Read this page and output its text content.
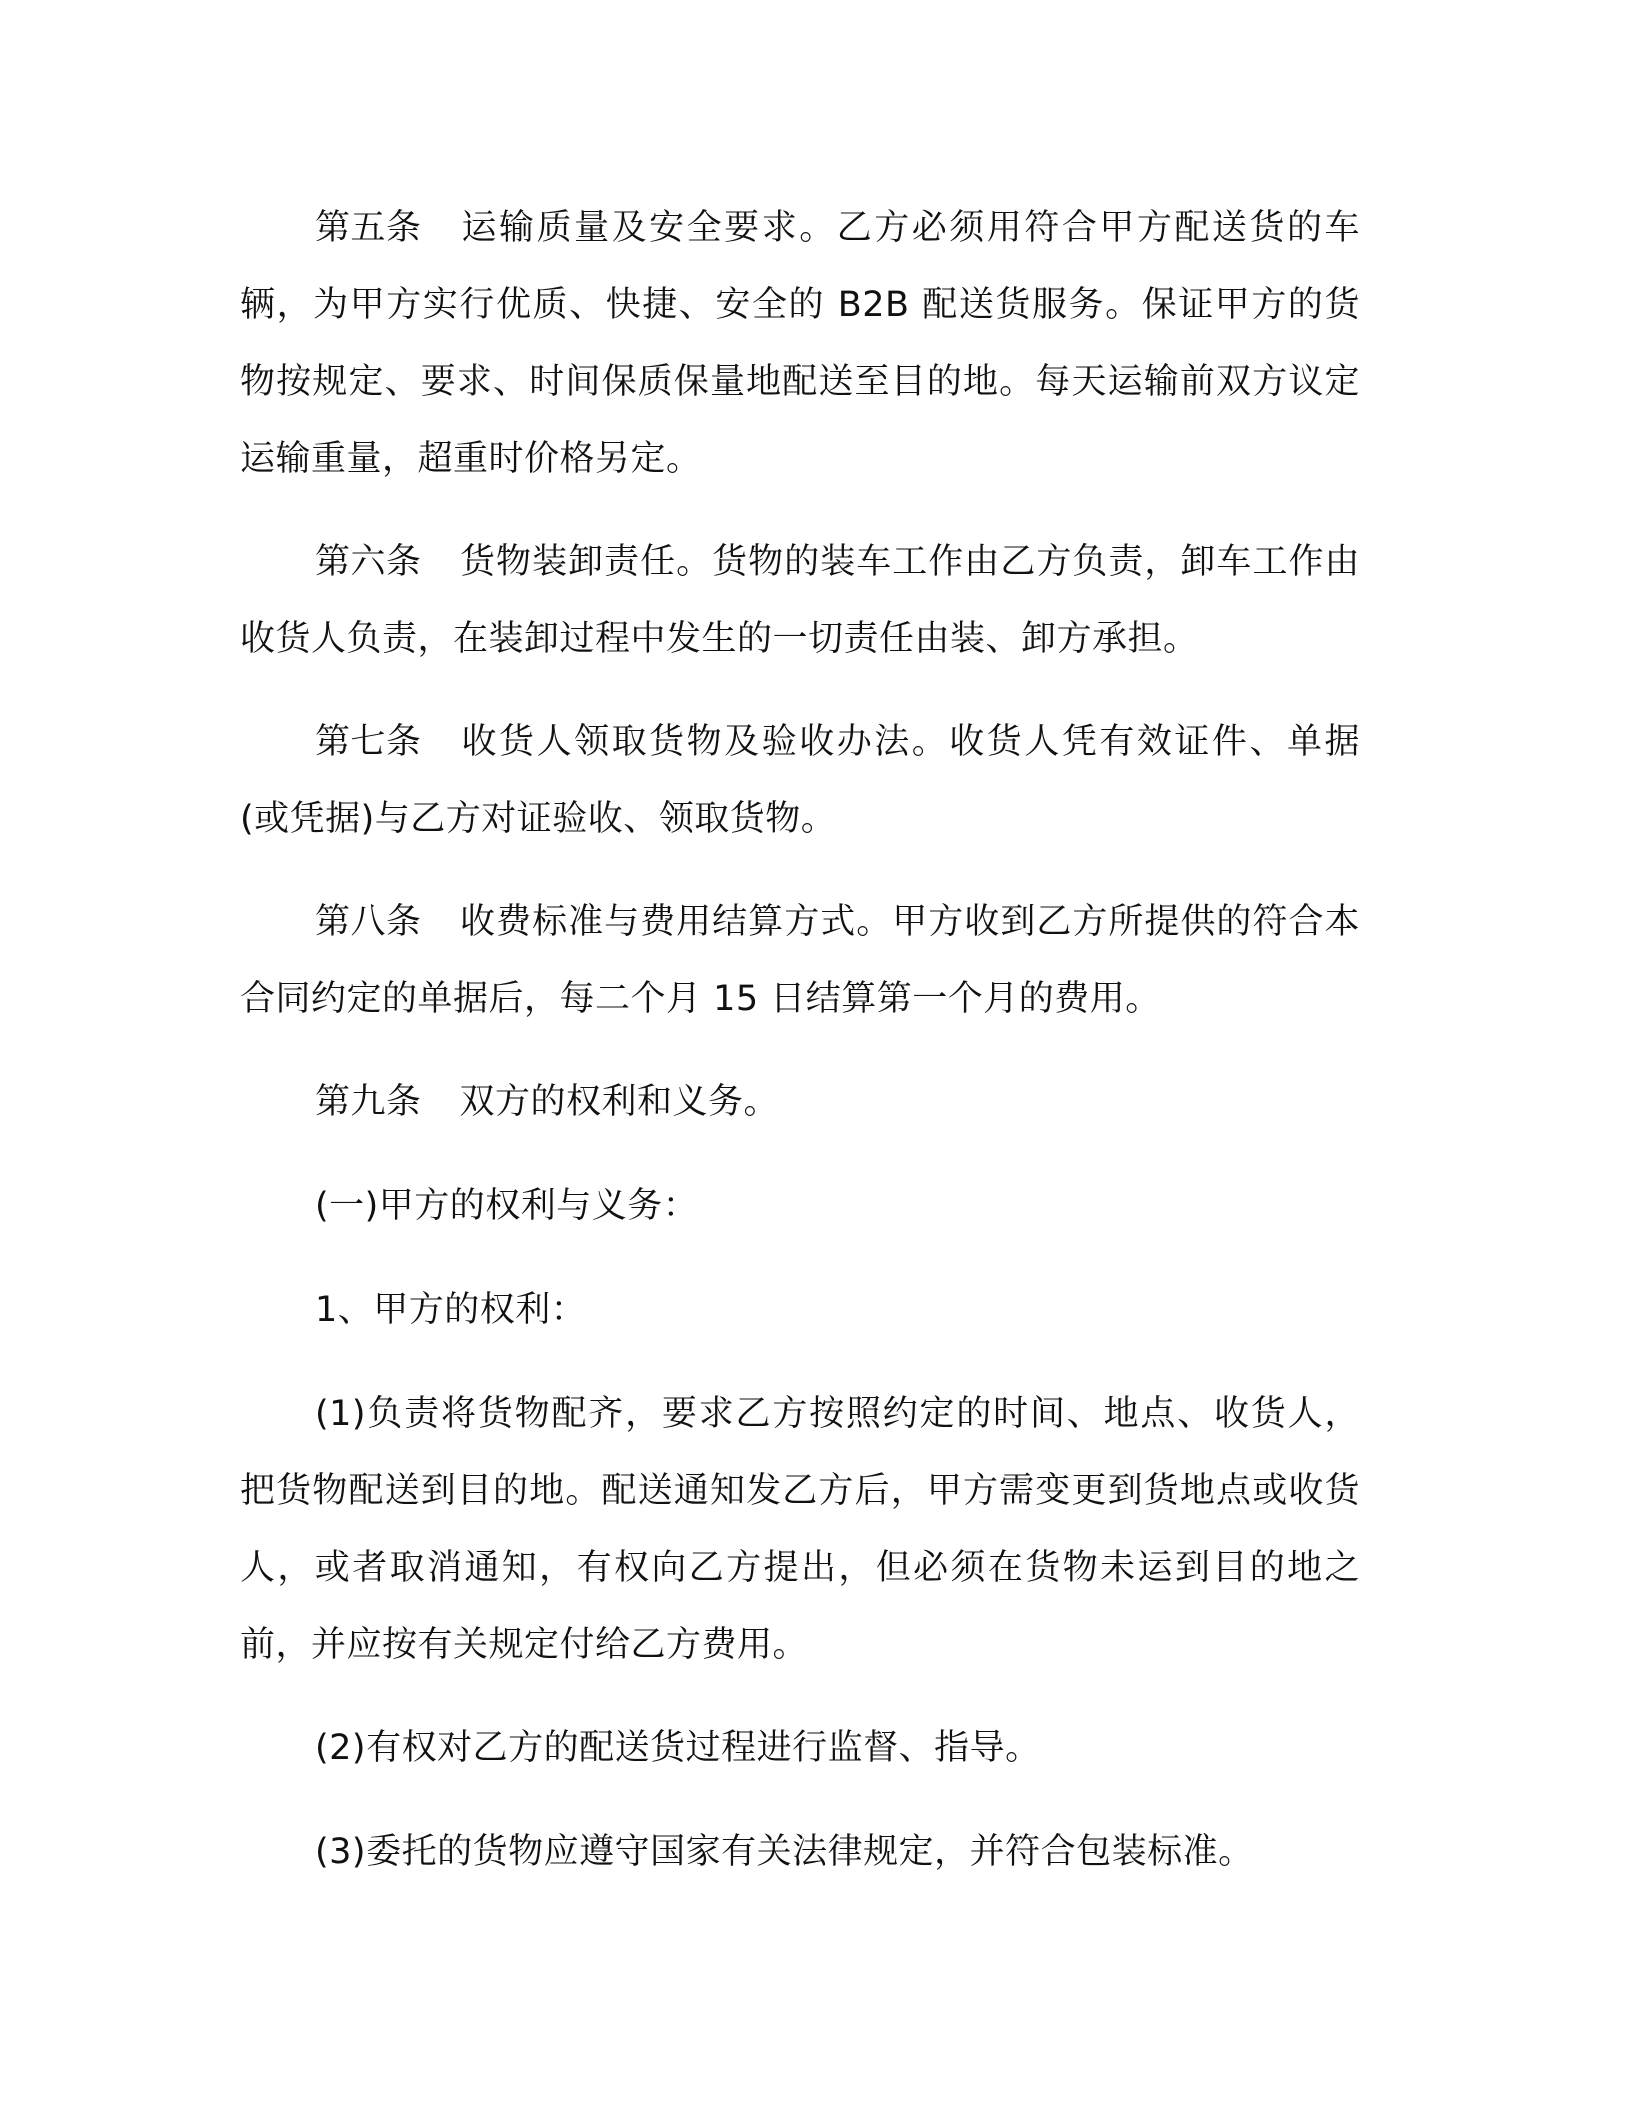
第五条 运输质量及安全要求。乙方必须用符合甲方配送货的车辆，为甲方实行优质、快捷、安全的 B2B 配送货服务。保证甲方的货物按规定、要求、时间保质保量地配送至目的地。每天运输前双方议定运输重量，超重时价格另定。

第六条 货物装卸责任。货物的装车工作由乙方负责，卸车工作由收货人负责，在装卸过程中发生的一切责任由装、卸方承担。

第七条 收货人领取货物及验收办法。收货人凭有效证件、单据(或凭据)与乙方对证验收、领取货物。

第八条 收费标准与费用结算方式。甲方收到乙方所提供的符合本合同约定的单据后，每二个月 15 日结算第一个月的费用。

第九条 双方的权利和义务。

(一)甲方的权利与义务：

1、甲方的权利：

(1)负责将货物配齐，要求乙方按照约定的时间、地点、收货人，把货物配送到目的地。配送通知发乙方后，甲方需变更到货地点或收货人，或者取消通知，有权向乙方提出，但必须在货物未运到目的地之前，并应按有关规定付给乙方费用。

(2)有权对乙方的配送货过程进行监督、指导。

(3)委托的货物应遵守国家有关法律规定，并符合包装标准。
